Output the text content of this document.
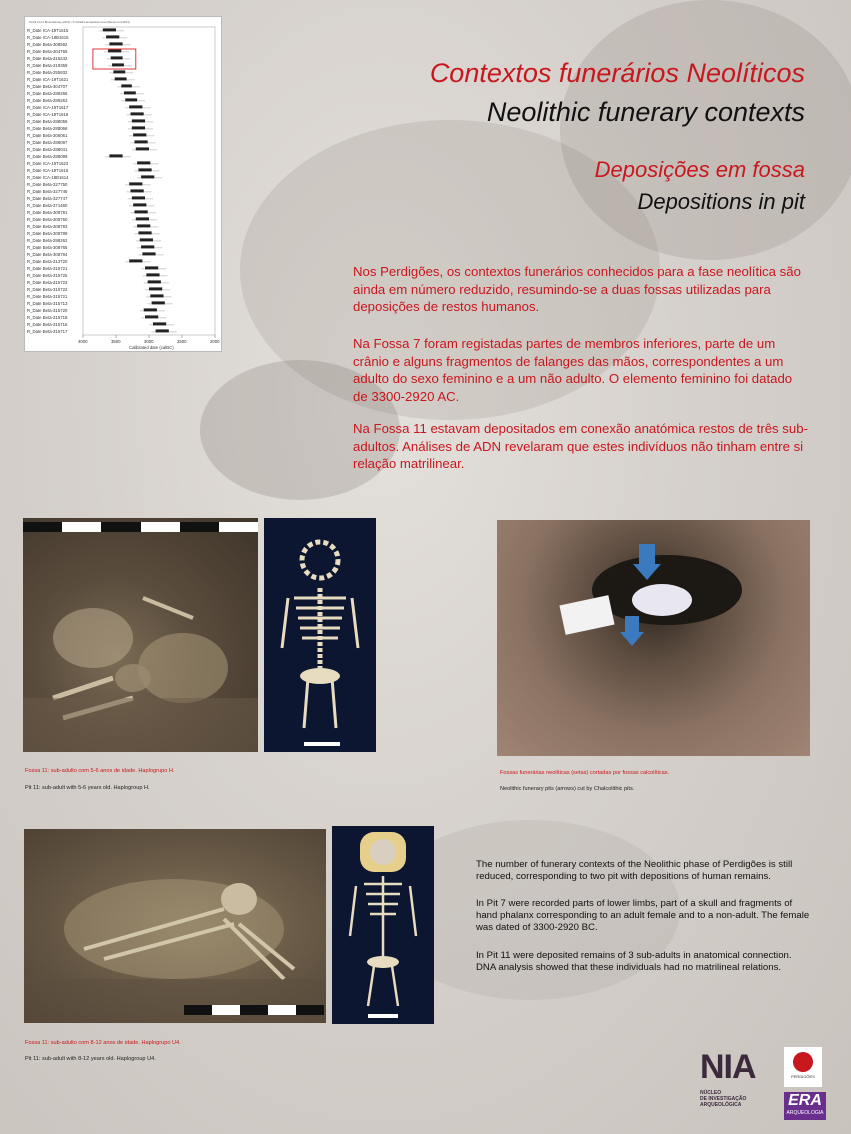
OxCal v4.2.4 Bronk Ramsey (2013); r:5 IntCal13 atmospheric curve (Reimer et al 2013)
R_Date ICA-19T1615
R_Date ICA-18B1615
R_Date Beta-308592
R_Date Beta-304765
R_Date Beta-315242
R_Date Beta-319359
R_Date Beta-255932
R_Date ICA-19T1621
R_Date Beta-304707
R_Date Beta-288266
R_Date Beta-289263
R_Date ICA-19T1617
R_Date ICA-19T1618
R_Date Beta-288056
R_Date Beta-288066
R_Date Beta-306061
R_Date Beta-288097
R_Date Beta-288041
R_Date Beta-288099
R_Date ICA-19T1623
R_Date ICA-19T1616
R_Date ICA-18B1614
R_Date Beta-327750
R_Date Beta-327746
R_Date Beta-327747
R_Date Beta-371460
R_Date Beta-308791
R_Date Beta-308760
R_Date Beta-308793
R_Date Beta-308789
R_Date Beta-288262
R_Date Beta-308765
R_Date Beta-308794
R_Date Beta-313720
R_Date Beta-315721
R_Date Beta-315725
R_Date Beta-315723
R_Date Beta-315722
R_Date Beta-315721
R_Date Beta-315713
R_Date Beta-315720
R_Date Beta-315718
R_Date Beta-315716
R_Date Beta-315717
4000	3500	3000	2500	2000
Calibrated date (calBC)
Contextos funerários Neolíticos
Neolithic funerary contexts
Deposições em fossa
Depositions in pit

Nos Perdigões, os contextos funerários conhecidos para a fase neolítica são ainda em número reduzido, resumindo-se a duas fossas utilizadas para deposições de restos humanos.

Na Fossa 7 foram registadas partes de membros inferiores, parte de um crânio e alguns fragmentos de falanges das mãos, correspondentes a um adulto do sexo feminino e a um não adulto. O elemento feminino foi datado de 3300-2920 AC.

Na Fossa 11 estavam depositados em conexão anatómica restos de três sub-adultos. Análises de ADN revelaram que estes indivíduos não tinham entre si relação matrilinear.

Fossa 11: sub-adulto com 5-6 anos de idade. Haplogrupo H.
Pit 11: sub-adult with 5-6 years old. Haplogroup H.
Fossas funerárias neolíticas (setas) cortadas por fossas calcolíticas.
Neolithic funerary pits (arrows) cut by Chalcolithic pits.

The number of funerary contexts of the Neolithic phase of Perdigões is still reduced, corresponding to two pit with depositions of human remains.

In Pit 7 were recorded parts of lower limbs, part of a skull and fragments of hand phalanx corresponding to an adult female and to a non-adult. The female was dated of 3300-2920 BC.

In Pit 11 were deposited remains of 3 sub-adults in anatomical connection. DNA analysis showed that these individuals had no matrilineal relations.

Fossa 11: sub-adulto com 8-12 anos de idade. Haplogrupo U4.
Pit 11: sub-adult with 8-12 years old. Haplogroup U4.	NIA
NÚCLEO
DE INVESTIGAÇÃO
ARQUEOLÓGICA
PERDIGÕES
ERA
ARQUEOLOGIA
